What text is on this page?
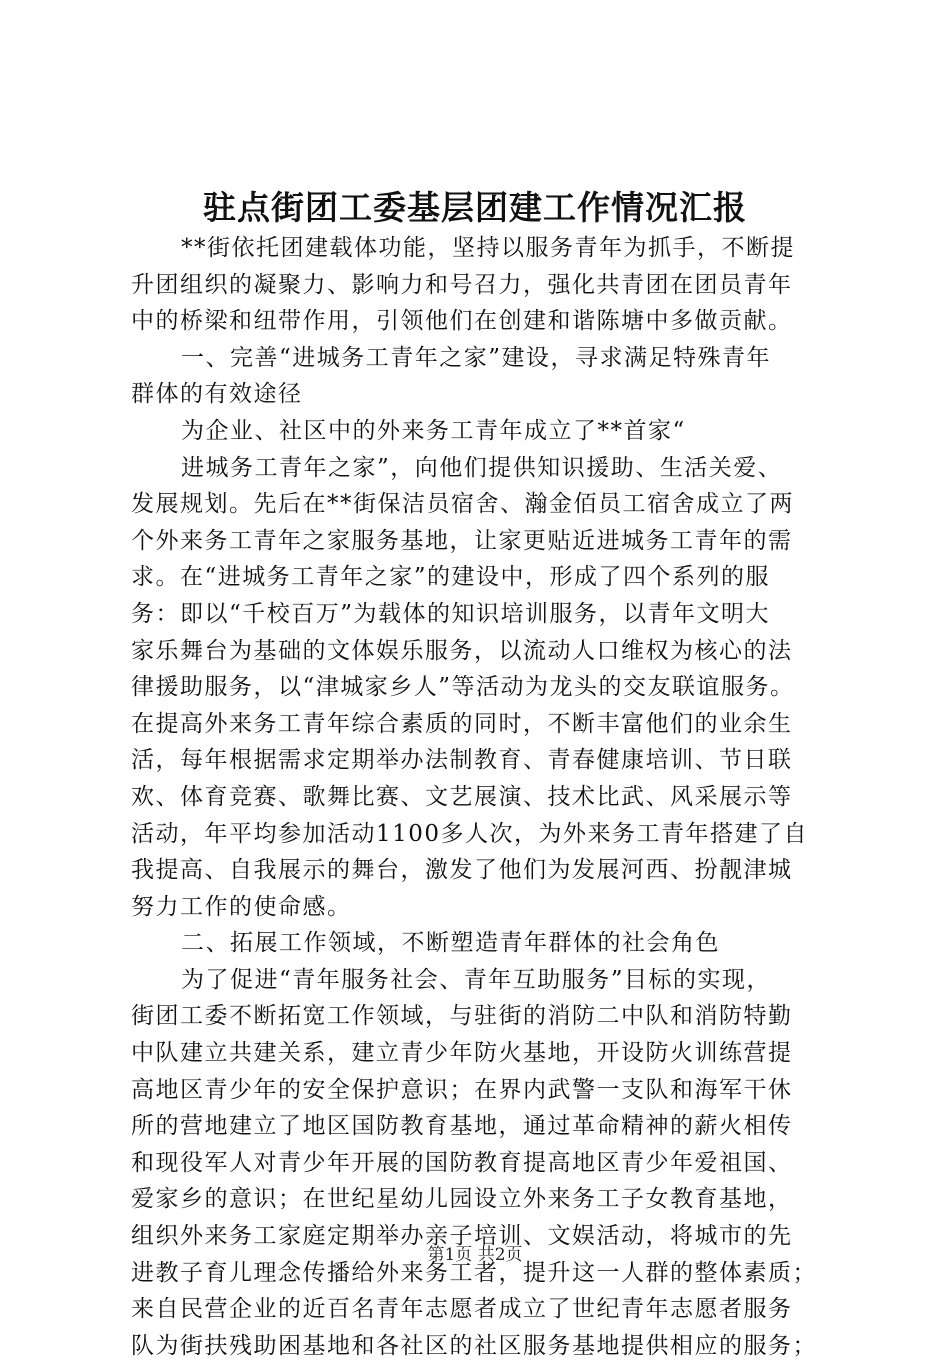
驻点街团工委基层团建工作情况汇报
**街依托团建载体功能，坚持以服务青年为抓手，不断提
升团组织的凝聚力、影响力和号召力，强化共青团在团员青年
中的桥梁和纽带作用，引领他们在创建和谐陈塘中多做贡献。
一、完善“进城务工青年之家”建设，寻求满足特殊青年
群体的有效途径
为企业、社区中的外来务工青年成立了**首家“
进城务工青年之家”，向他们提供知识援助、生活关爱、
发展规划。先后在**街保洁员宿舍、瀚金佰员工宿舍成立了两
个外来务工青年之家服务基地，让家更贴近进城务工青年的需
求。在“进城务工青年之家”的建设中，形成了四个系列的服
务：即以“千校百万”为载体的知识培训服务，以青年文明大
家乐舞台为基础的文体娱乐服务，以流动人口维权为核心的法
律援助服务，以“津城家乡人”等活动为龙头的交友联谊服务。
在提高外来务工青年综合素质的同时，不断丰富他们的业余生
活，每年根据需求定期举办法制教育、青春健康培训、节日联
欢、体育竞赛、歌舞比赛、文艺展演、技术比武、风采展示等
活动，年平均参加活动1100多人次，为外来务工青年搭建了自
我提高、自我展示的舞台，激发了他们为发展河西、扮靓津城
努力工作的使命感。
二、拓展工作领域，不断塑造青年群体的社会角色
为了促进“青年服务社会、青年互助服务”目标的实现，
街团工委不断拓宽工作领域，与驻街的消防二中队和消防特勤
中队建立共建关系，建立青少年防火基地，开设防火训练营提
高地区青少年的安全保护意识；在界内武警一支队和海军干休
所的营地建立了地区国防教育基地，通过革命精神的薪火相传
和现役军人对青少年开展的国防教育提高地区青少年爱祖国、
爱家乡的意识；在世纪星幼儿园设立外来务工子女教育基地，
组织外来务工家庭定期举办亲子培训、文娱活动，将城市的先
进教子育儿理念传播给外来务工者，提升这一人群的整体素质；
来自民营企业的近百名青年志愿者成立了世纪青年志愿者服务
队为街扶残助困基地和各社区的社区服务基地提供相应的服务；
第1页 共2页
